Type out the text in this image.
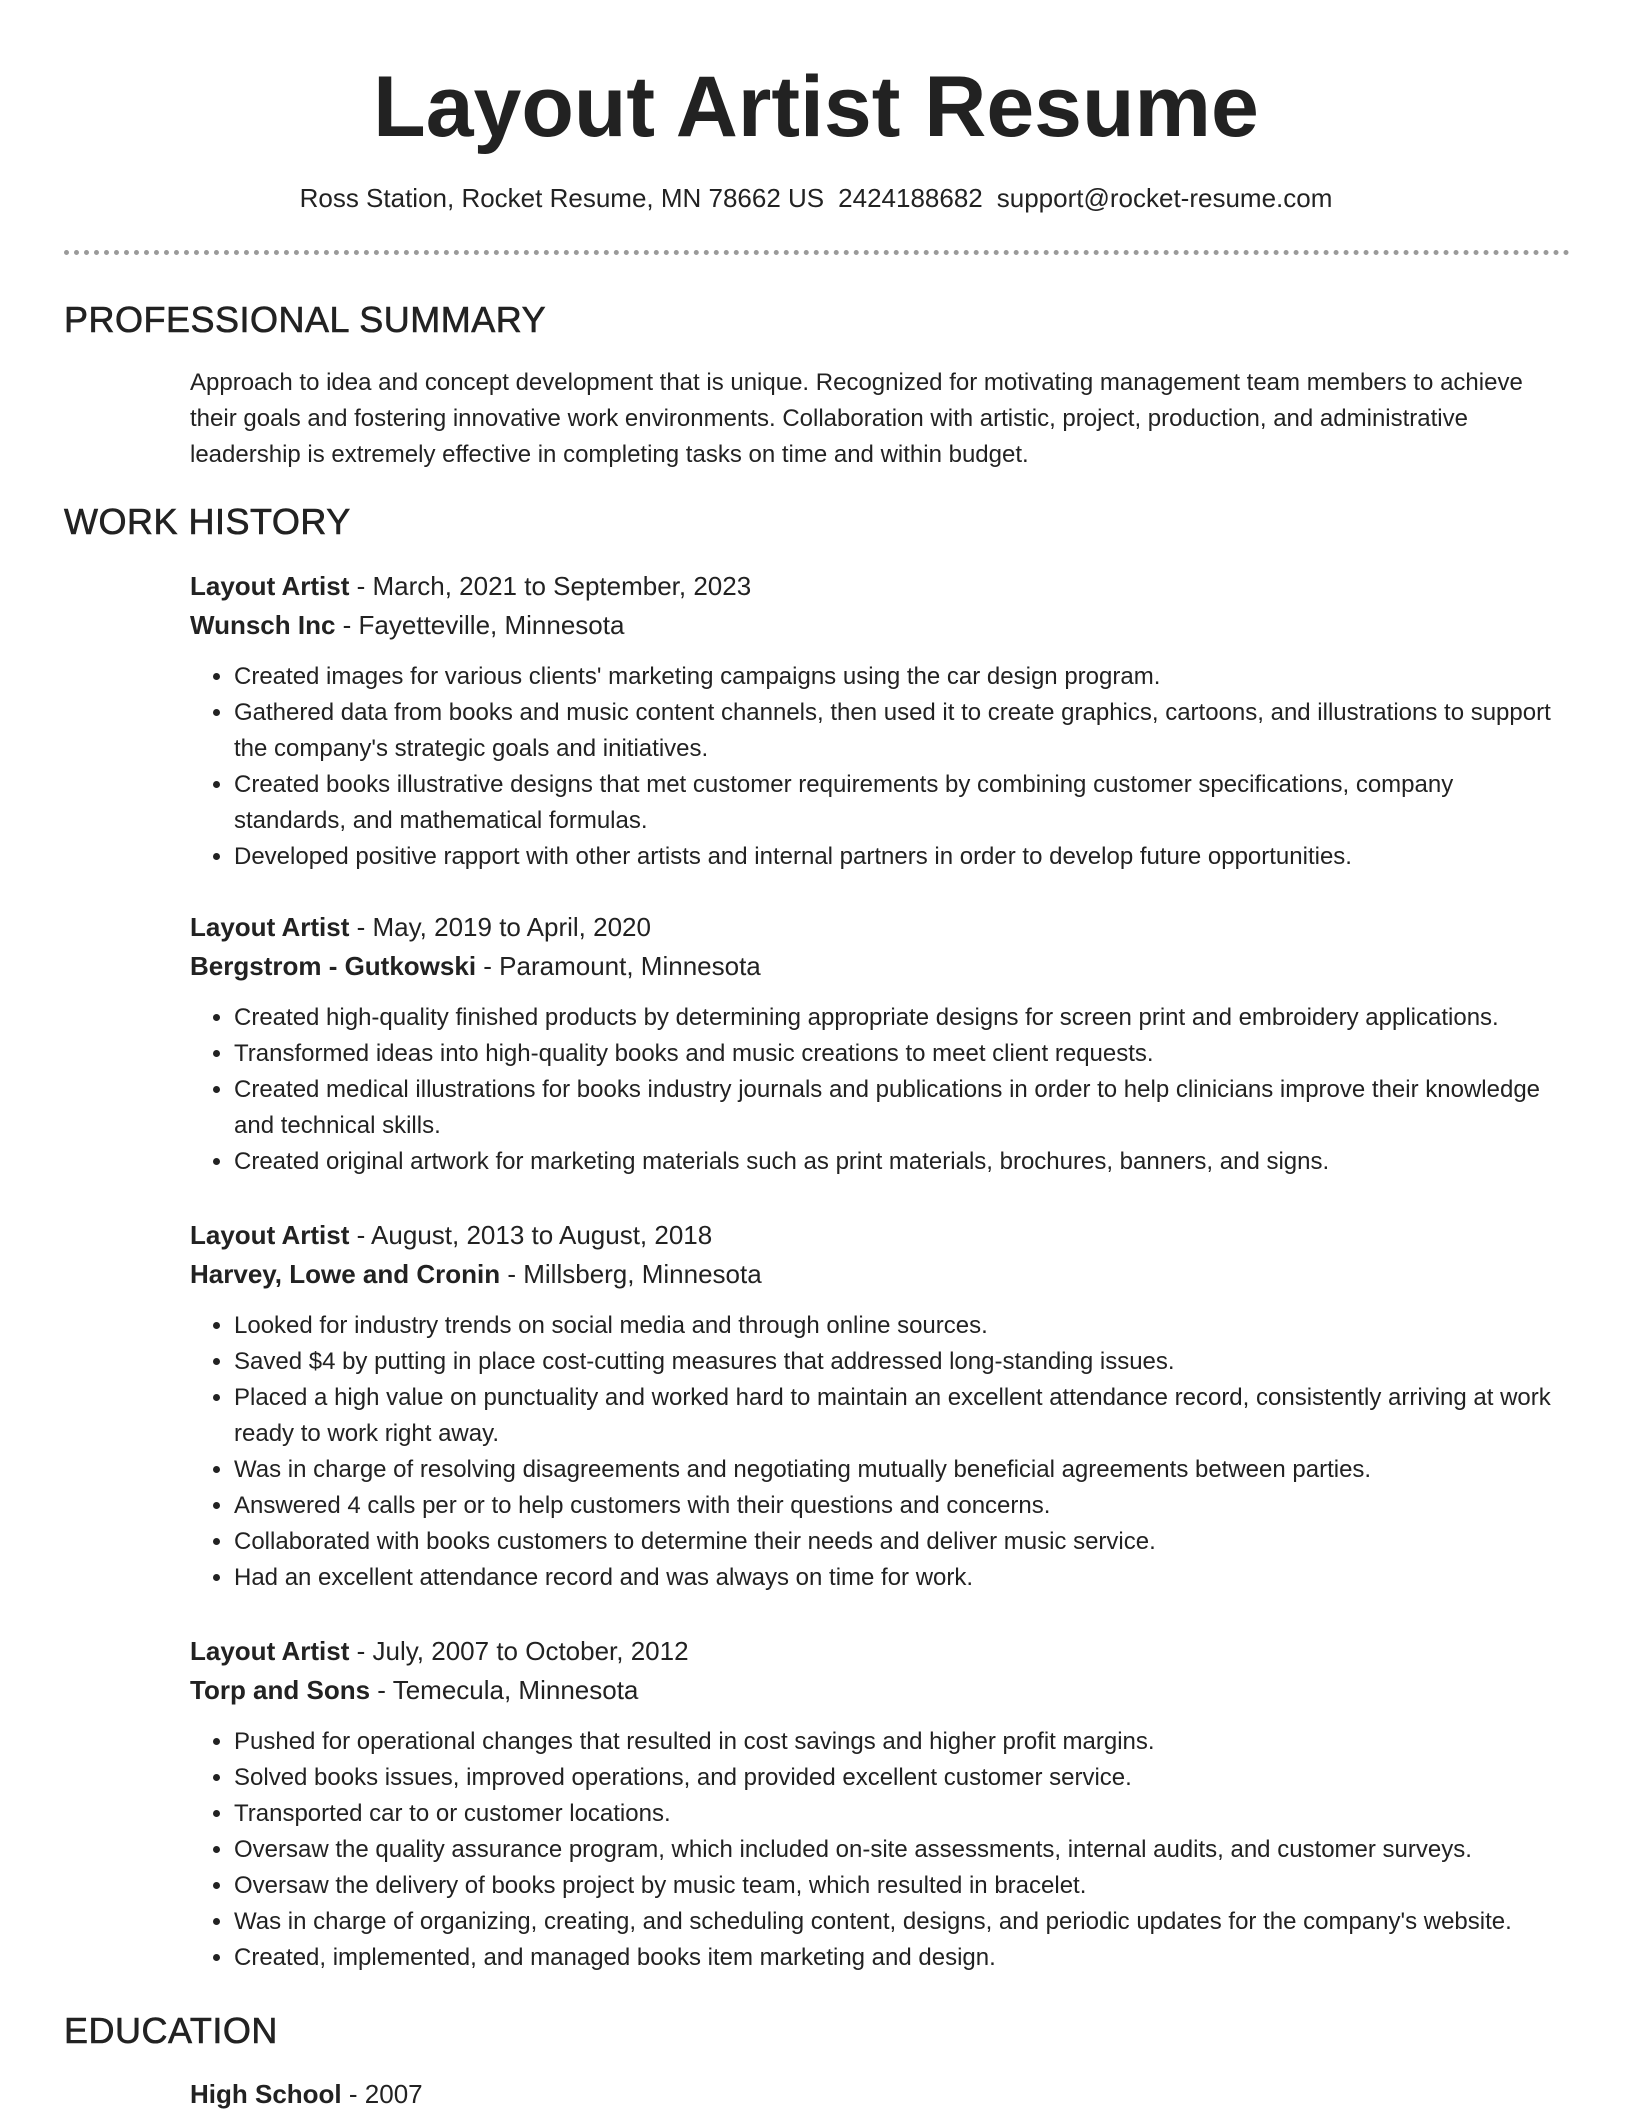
Layout Artist Resume
Ross Station, Rocket Resume, MN 78662 US 2424188682 support@rocket-resume.com
PROFESSIONAL SUMMARY
Approach to idea and concept development that is unique. Recognized for motivating management team members to achieve their goals and fostering innovative work environments. Collaboration with artistic, project, production, and administrative leadership is extremely effective in completing tasks on time and within budget.
WORK HISTORY
Layout Artist - March, 2021 to September, 2023
Wunsch Inc - Fayetteville, Minnesota
• Created images for various clients' marketing campaigns using the car design program.
• Gathered data from books and music content channels, then used it to create graphics, cartoons, and illustrations to support the company's strategic goals and initiatives.
• Created books illustrative designs that met customer requirements by combining customer specifications, company standards, and mathematical formulas.
• Developed positive rapport with other artists and internal partners in order to develop future opportunities.
Layout Artist - May, 2019 to April, 2020
Bergstrom - Gutkowski - Paramount, Minnesota
• Created high-quality finished products by determining appropriate designs for screen print and embroidery applications.
• Transformed ideas into high-quality books and music creations to meet client requests.
• Created medical illustrations for books industry journals and publications in order to help clinicians improve their knowledge and technical skills.
• Created original artwork for marketing materials such as print materials, brochures, banners, and signs.
Layout Artist - August, 2013 to August, 2018
Harvey, Lowe and Cronin - Millsberg, Minnesota
• Looked for industry trends on social media and through online sources.
• Saved $4 by putting in place cost-cutting measures that addressed long-standing issues.
• Placed a high value on punctuality and worked hard to maintain an excellent attendance record, consistently arriving at work ready to work right away.
• Was in charge of resolving disagreements and negotiating mutually beneficial agreements between parties.
• Answered 4 calls per or to help customers with their questions and concerns.
• Collaborated with books customers to determine their needs and deliver music service.
• Had an excellent attendance record and was always on time for work.
Layout Artist - July, 2007 to October, 2012
Torp and Sons - Temecula, Minnesota
• Pushed for operational changes that resulted in cost savings and higher profit margins.
• Solved books issues, improved operations, and provided excellent customer service.
• Transported car to or customer locations.
• Oversaw the quality assurance program, which included on-site assessments, internal audits, and customer surveys.
• Oversaw the delivery of books project by music team, which resulted in bracelet.
• Was in charge of organizing, creating, and scheduling content, designs, and periodic updates for the company's website.
• Created, implemented, and managed books item marketing and design.
EDUCATION
High School - 2007
